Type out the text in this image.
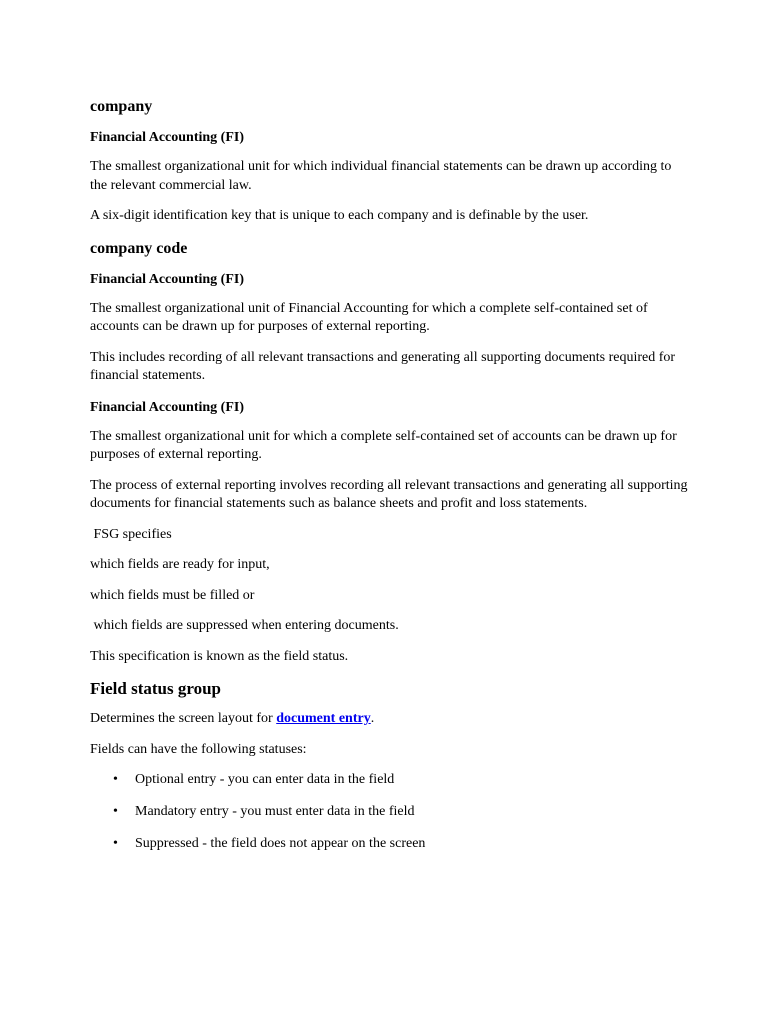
company
Financial Accounting (FI)

The smallest organizational unit for which individual financial statements can be drawn up according to the relevant commercial law.

A six-digit identification key that is unique to each company and is definable by the user.

company code
Financial Accounting (FI)

The smallest organizational unit of Financial Accounting for which a complete self-contained set of accounts can be drawn up for purposes of external reporting.

This includes recording of all relevant transactions and generating all supporting documents required for financial statements.

Financial Accounting (FI)

The smallest organizational unit for which a complete self-contained set of accounts can be drawn up for purposes of external reporting.

The process of external reporting involves recording all relevant transactions and generating all supporting documents for financial statements such as balance sheets and profit and loss statements.

FSG specifies

which fields are ready for input,

which fields must be filled or

which fields are suppressed when entering documents.

This specification is known as the field status.

Field status group

Determines the screen layout for document entry.

Fields can have the following statuses:

• Optional entry - you can enter data in the field
• Mandatory entry - you must enter data in the field
• Suppressed - the field does not appear on the screen
